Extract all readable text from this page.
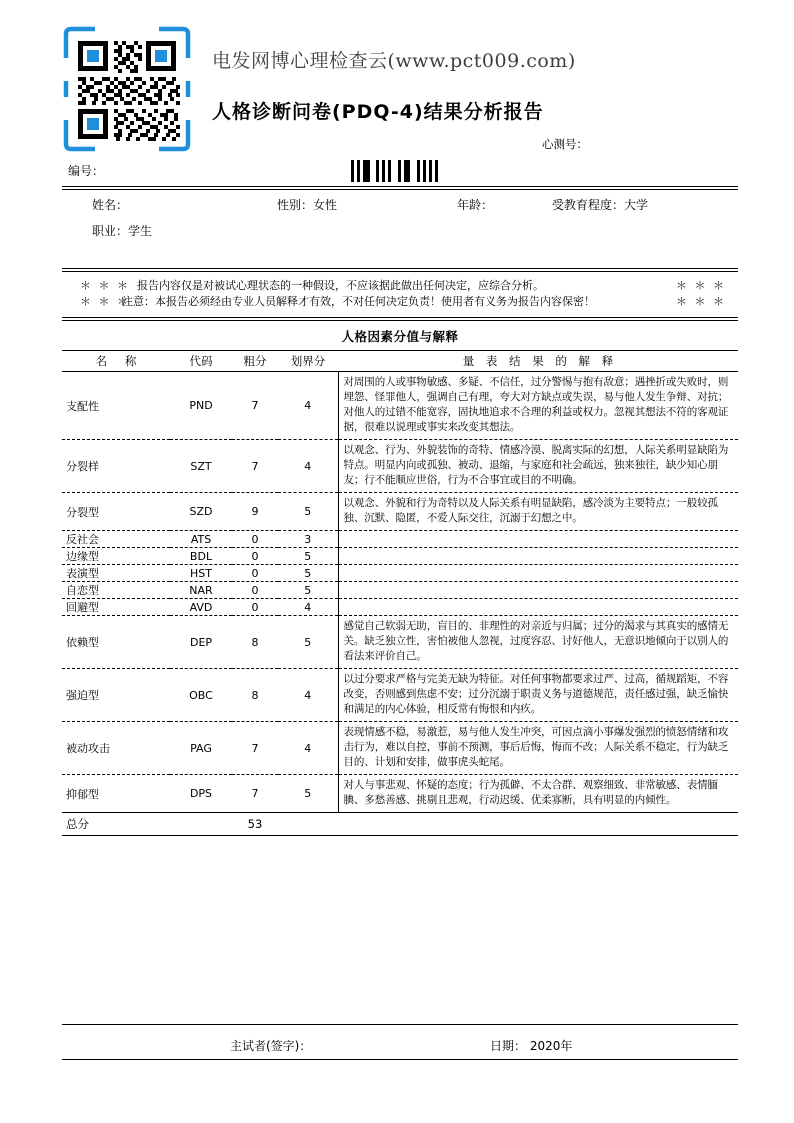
电发网博心理检查云(www.pct009.com)
人格诊断问卷(PDQ-4)结果分析报告
心测号：
编号：
姓名：	性别：女性	年龄：	受教育程度：大学
职业：学生
＊ ＊ ＊ 报告内容仅是对被试心理状态的一种假设，不应该据此做出任何决定，应综合分析。	＊ ＊ ＊
＊ ＊ ＊
注意：本报告必须经由专业人员解释才有效，不对任何决定负责！使用者有义务为报告内容保密！	＊ ＊ ＊
人格因素分值与解释
名 称	代码	粗分	划界分	量 表 结 果 的 解 释
支配性	PND	7	4	对周围的人或事物敏感、多疑、不信任，过分警惕与抱有敌意；遇挫折或失败时，则埋怨、怪罪他人，强调自己有理，夸大对方缺点或失误，易与他人发生争辩、对抗；对他人的过错不能宽容，固执地追求不合理的利益或权力。忽视其想法不符的客观证据，很难以说理或事实来改变其想法。
分裂样	SZT	7	4	以观念、行为、外貌装饰的奇特、情感冷漠、脱离实际的幻想，人际关系明显缺陷为特点。明显内向或孤独、被动、退缩，与家庭和社会疏远，独来独往，缺少知心朋友；行不能顺应世俗，行为不合事宜或目的不明确。
分裂型	SZD	9	5	以观念、外貌和行为奇特以及人际关系有明显缺陷，感冷淡为主要特点；一般较孤独、沉默、隐匿，不爱人际交往，沉溺于幻想之中。
反社会	ATS	0	3	
边缘型	BDL	0	5	
表演型	HST	0	5	
自恋型	NAR	0	5	
回避型	AVD	0	4	
依赖型	DEP	8	5	感觉自己软弱无助，盲目的、非理性的对亲近与归属；过分的渴求与其真实的感情无关。缺乏独立性，害怕被他人忽视，过度容忍、讨好他人，无意识地倾向于以别人的看法来评价自己。
强迫型	OBC	8	4	以过分要求严格与完美无缺为特征。对任何事物都要求过严、过高，循规蹈矩，不容改变，否则感到焦虑不安；过分沉溺于职责义务与道德规范，责任感过强，缺乏愉快和满足的内心体验，相反常有悔恨和内疚。
被动攻击	PAG	7	4	表现情感不稳，易激惹，易与他人发生冲突，可因点滴小事爆发强烈的愤怒情绪和攻击行为，难以自控，事前不预测，事后后悔，悔而不改；人际关系不稳定，行为缺乏目的、计划和安排，做事虎头蛇尾。
抑郁型	DPS	7	5	对人与事悲观、怀疑的态度；行为孤僻、不太合群、观察细致、非常敏感、表情腼腆、多愁善感、挑剔且悲观，行动迟缓、优柔寡断，具有明显的内倾性。
总分		53		
主试者(签字)：	日期： 2020年
